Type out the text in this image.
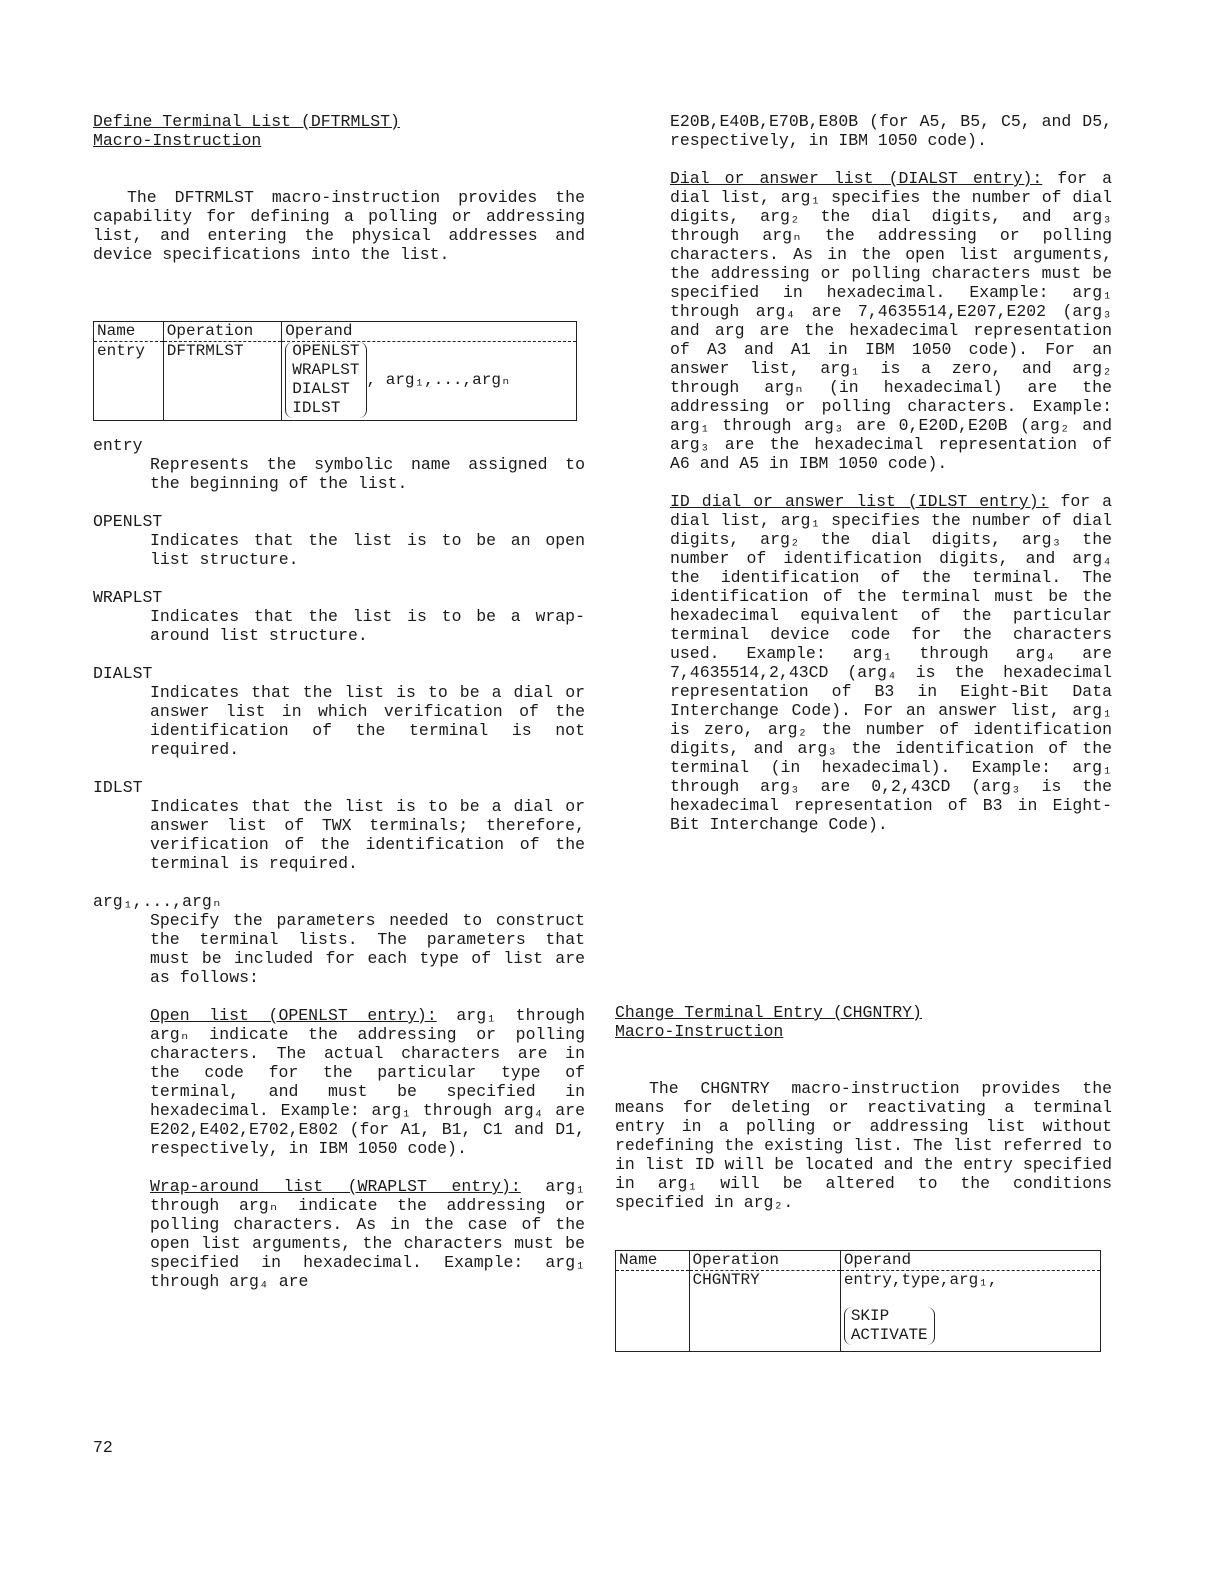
Define Terminal List (DFTRMLST)
Macro-Instruction

The DFTRMLST macro-instruction provides the capability for defining a polling or addressing list, and entering the physical addresses and device specifications into the list.

Name	Operation	Operand
entry	DFTRMLST	OPENLST
WRAPLST
DIALST
IDLST
, arg₁,...,argₙ
entry

Represents the symbolic name assigned to the beginning of the list.

OPENLST

Indicates that the list is to be an open list structure.

WRAPLST

Indicates that the list is to be a wrap-around list structure.

DIALST

Indicates that the list is to be a dial or answer list in which verification of the identification of the terminal is not required.

IDLST

Indicates that the list is to be a dial or answer list of TWX terminals; therefore, verification of the identification of the terminal is required.

arg₁,...,argₙ

Specify the parameters needed to construct the terminal lists. The parameters that must be included for each type of list are as follows:

Open list (OPENLST entry): arg₁ through argₙ indicate the addressing or polling characters. The actual characters are in the code for the particular type of terminal, and must be specified in hexadecimal. Example: arg₁ through arg₄ are E202,E402,E702,E802 (for A1, B1, C1 and D1, respectively, in IBM 1050 code).

Wrap-around list (WRAPLST entry): arg₁ through argₙ indicate the addressing or polling characters. As in the case of the open list arguments, the characters must be specified in hexadecimal. Example: arg₁ through arg₄ are

E20B,E40B,E70B,E80B (for A5, B5, C5, and D5, respectively, in IBM 1050 code).

Dial or answer list (DIALST entry): for a dial list, arg₁ specifies the number of dial digits, arg₂ the dial digits, and arg₃ through argₙ the addressing or polling characters. As in the open list arguments, the addressing or polling characters must be specified in hexadecimal. Example: arg₁ through arg₄ are 7,4635514,E207,E202 (arg₃ and arg are the hexadecimal representation of A3 and A1 in IBM 1050 code). For an answer list, arg₁ is a zero, and arg₂ through argₙ (in hexadecimal) are the addressing or polling characters. Example: arg₁ through arg₃ are 0,E20D,E20B (arg₂ and arg₃ are the hexadecimal representation of A6 and A5 in IBM 1050 code).

ID dial or answer list (IDLST entry): for a dial list, arg₁ specifies the number of dial digits, arg₂ the dial digits, arg₃ the number of identification digits, and arg₄ the identification of the terminal. The identification of the terminal must be the hexadecimal equivalent of the particular terminal device code for the characters used. Example: arg₁ through arg₄ are 7,4635514,2,43CD (arg₄ is the hexadecimal representation of B3 in Eight-Bit Data Interchange Code). For an answer list, arg₁ is zero, arg₂ the number of identification digits, and arg₃ the identification of the terminal (in hexadecimal). Example: arg₁ through arg₃ are 0,2,43CD (arg₃ is the hexadecimal representation of B3 in Eight-Bit Interchange Code).

Change Terminal Entry (CHGNTRY)
Macro-Instruction

The CHGNTRY macro-instruction provides the means for deleting or reactivating a terminal entry in a polling or addressing list without redefining the existing list. The list referred to in list ID will be located and the entry specified in arg₁ will be altered to the conditions specified in arg₂.

Name	Operation	Operand
	CHGNTRY	entry,type,arg₁,
SKIP
ACTIVATE
72
